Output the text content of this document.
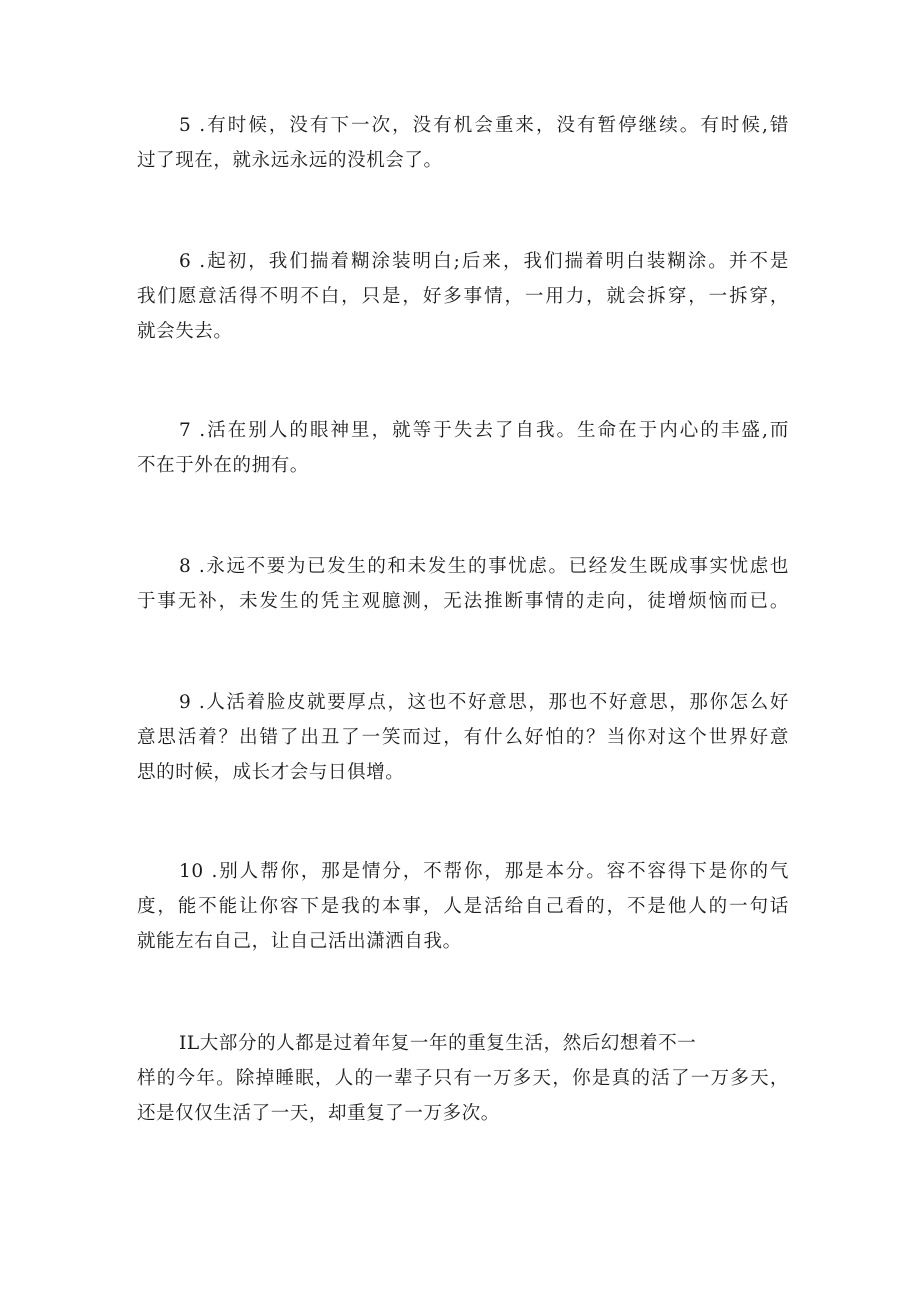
5 .有时候，没有下一次，没有机会重来，没有暂停继续。有时候,错
过了现在，就永远永远的没机会了。
6 .起初，我们揣着糊涂装明白;后来，我们揣着明白装糊涂。并不是
我们愿意活得不明不白，只是，好多事情，一用力，就会拆穿，一拆穿，
就会失去。
7 .活在别人的眼神里，就等于失去了自我。生命在于内心的丰盛,而
不在于外在的拥有。
8 .永远不要为已发生的和未发生的事忧虑。已经发生既成事实忧虑也
于事无补，未发生的凭主观臆测，无法推断事情的走向，徒增烦恼而已。
9 .人活着脸皮就要厚点，这也不好意思，那也不好意思，那你怎么好
意思活着？出错了出丑了一笑而过，有什么好怕的？当你对这个世界好意
思的时候，成长才会与日俱增。
10 .别人帮你，那是情分，不帮你，那是本分。容不容得下是你的气
度，能不能让你容下是我的本事，人是活给自己看的，不是他人的一句话
就能左右自己，让自己活出潇洒自我。
IL大部分的人都是过着年复一年的重复生活，然后幻想着不一
样的今年。除掉睡眠，人的一辈子只有一万多天，你是真的活了一万多天，
还是仅仅生活了一天，却重复了一万多次。
